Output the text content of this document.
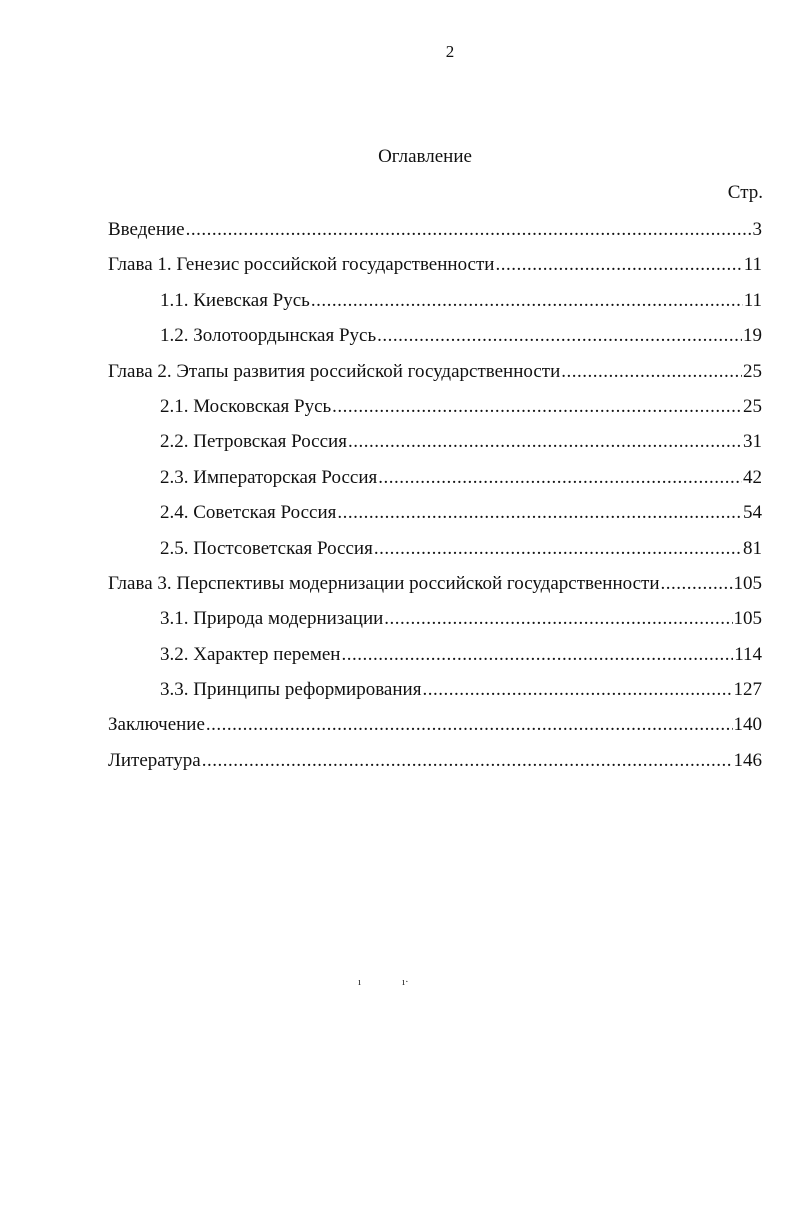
2
Оглавление
Стр.
Введение .....	3
Глава 1. Генезис российской государственности .....	11
1.1. Киевская Русь .....	11
1.2. Золотоордынская Русь .....	19
Глава 2. Этапы развития российской государственности .....	25
2.1. Московская Русь .....	25
2.2. Петровская Россия .....	31
2.3. Императорская Россия .....	42
2.4. Советская Россия .....	54
2.5. Постсоветская Россия .....	81
Глава 3. Перспективы модернизации российской государственности .....	105
3.1. Природа модернизации .....	105
3.2. Характер перемен .....	114
3.3. Принципы реформирования .....	127
Заключение .....	140
Литература .....	146
ı	ı·
